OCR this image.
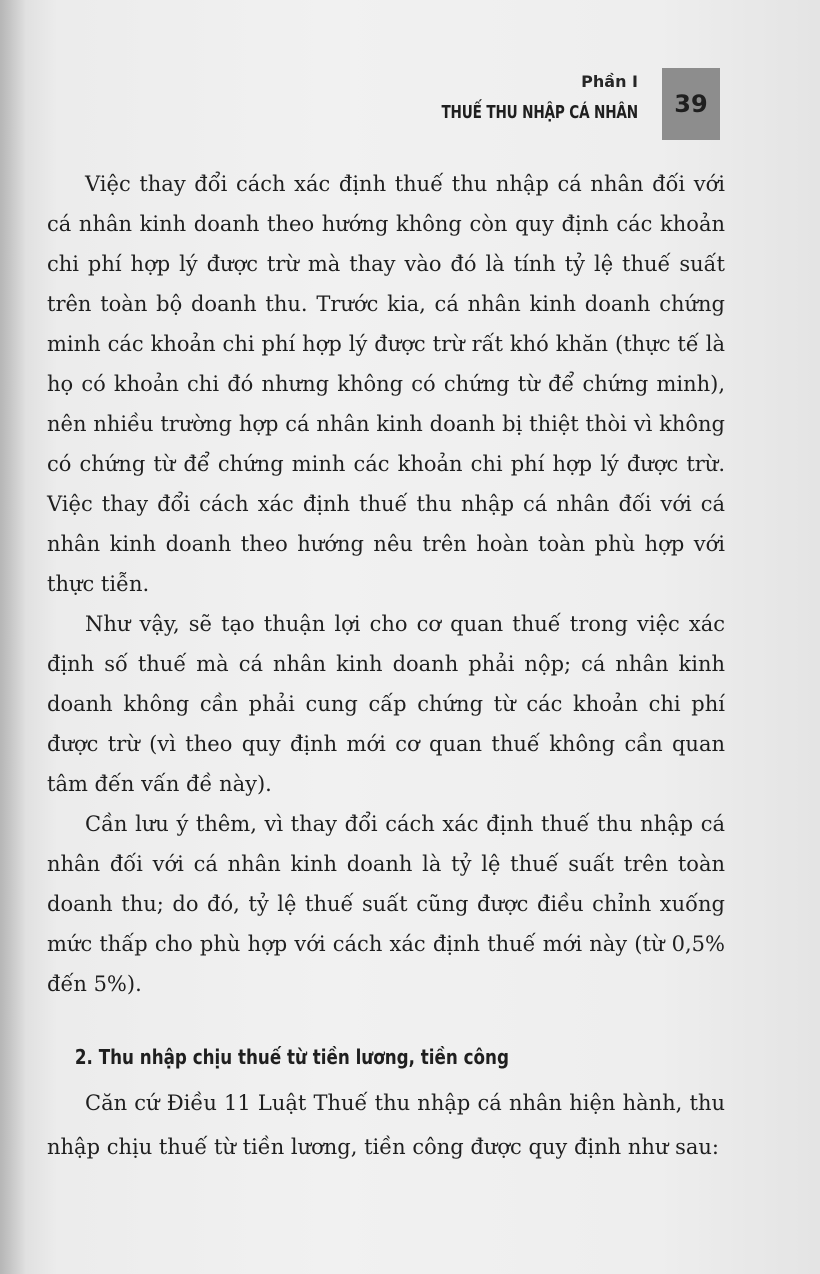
Phần I
THUẾ THU NHẬP CÁ NHÂN	39

Việc thay đổi cách xác định thuế thu nhập cá nhân đối với cá nhân kinh doanh theo hướng không còn quy định các khoản chi phí hợp lý được trừ mà thay vào đó là tính tỷ lệ thuế suất trên toàn bộ doanh thu. Trước kia, cá nhân kinh doanh chứng minh các khoản chi phí hợp lý được trừ rất khó khăn (thực tế là họ có khoản chi đó nhưng không có chứng từ để chứng minh), nên nhiều trường hợp cá nhân kinh doanh bị thiệt thòi vì không có chứng từ để chứng minh các khoản chi phí hợp lý được trừ. Việc thay đổi cách xác định thuế thu nhập cá nhân đối với cá nhân kinh doanh theo hướng nêu trên hoàn toàn phù hợp với thực tiễn.

Như vậy, sẽ tạo thuận lợi cho cơ quan thuế trong việc xác định số thuế mà cá nhân kinh doanh phải nộp; cá nhân kinh doanh không cần phải cung cấp chứng từ các khoản chi phí được trừ (vì theo quy định mới cơ quan thuế không cần quan tâm đến vấn đề này).

Cần lưu ý thêm, vì thay đổi cách xác định thuế thu nhập cá nhân đối với cá nhân kinh doanh là tỷ lệ thuế suất trên toàn doanh thu; do đó, tỷ lệ thuế suất cũng được điều chỉnh xuống mức thấp cho phù hợp với cách xác định thuế mới này (từ 0,5% đến 5%).

2. Thu nhập chịu thuế từ tiền lương, tiền công

Căn cứ Điều 11 Luật Thuế thu nhập cá nhân hiện hành, thu nhập chịu thuế từ tiền lương, tiền công được quy định như sau:
